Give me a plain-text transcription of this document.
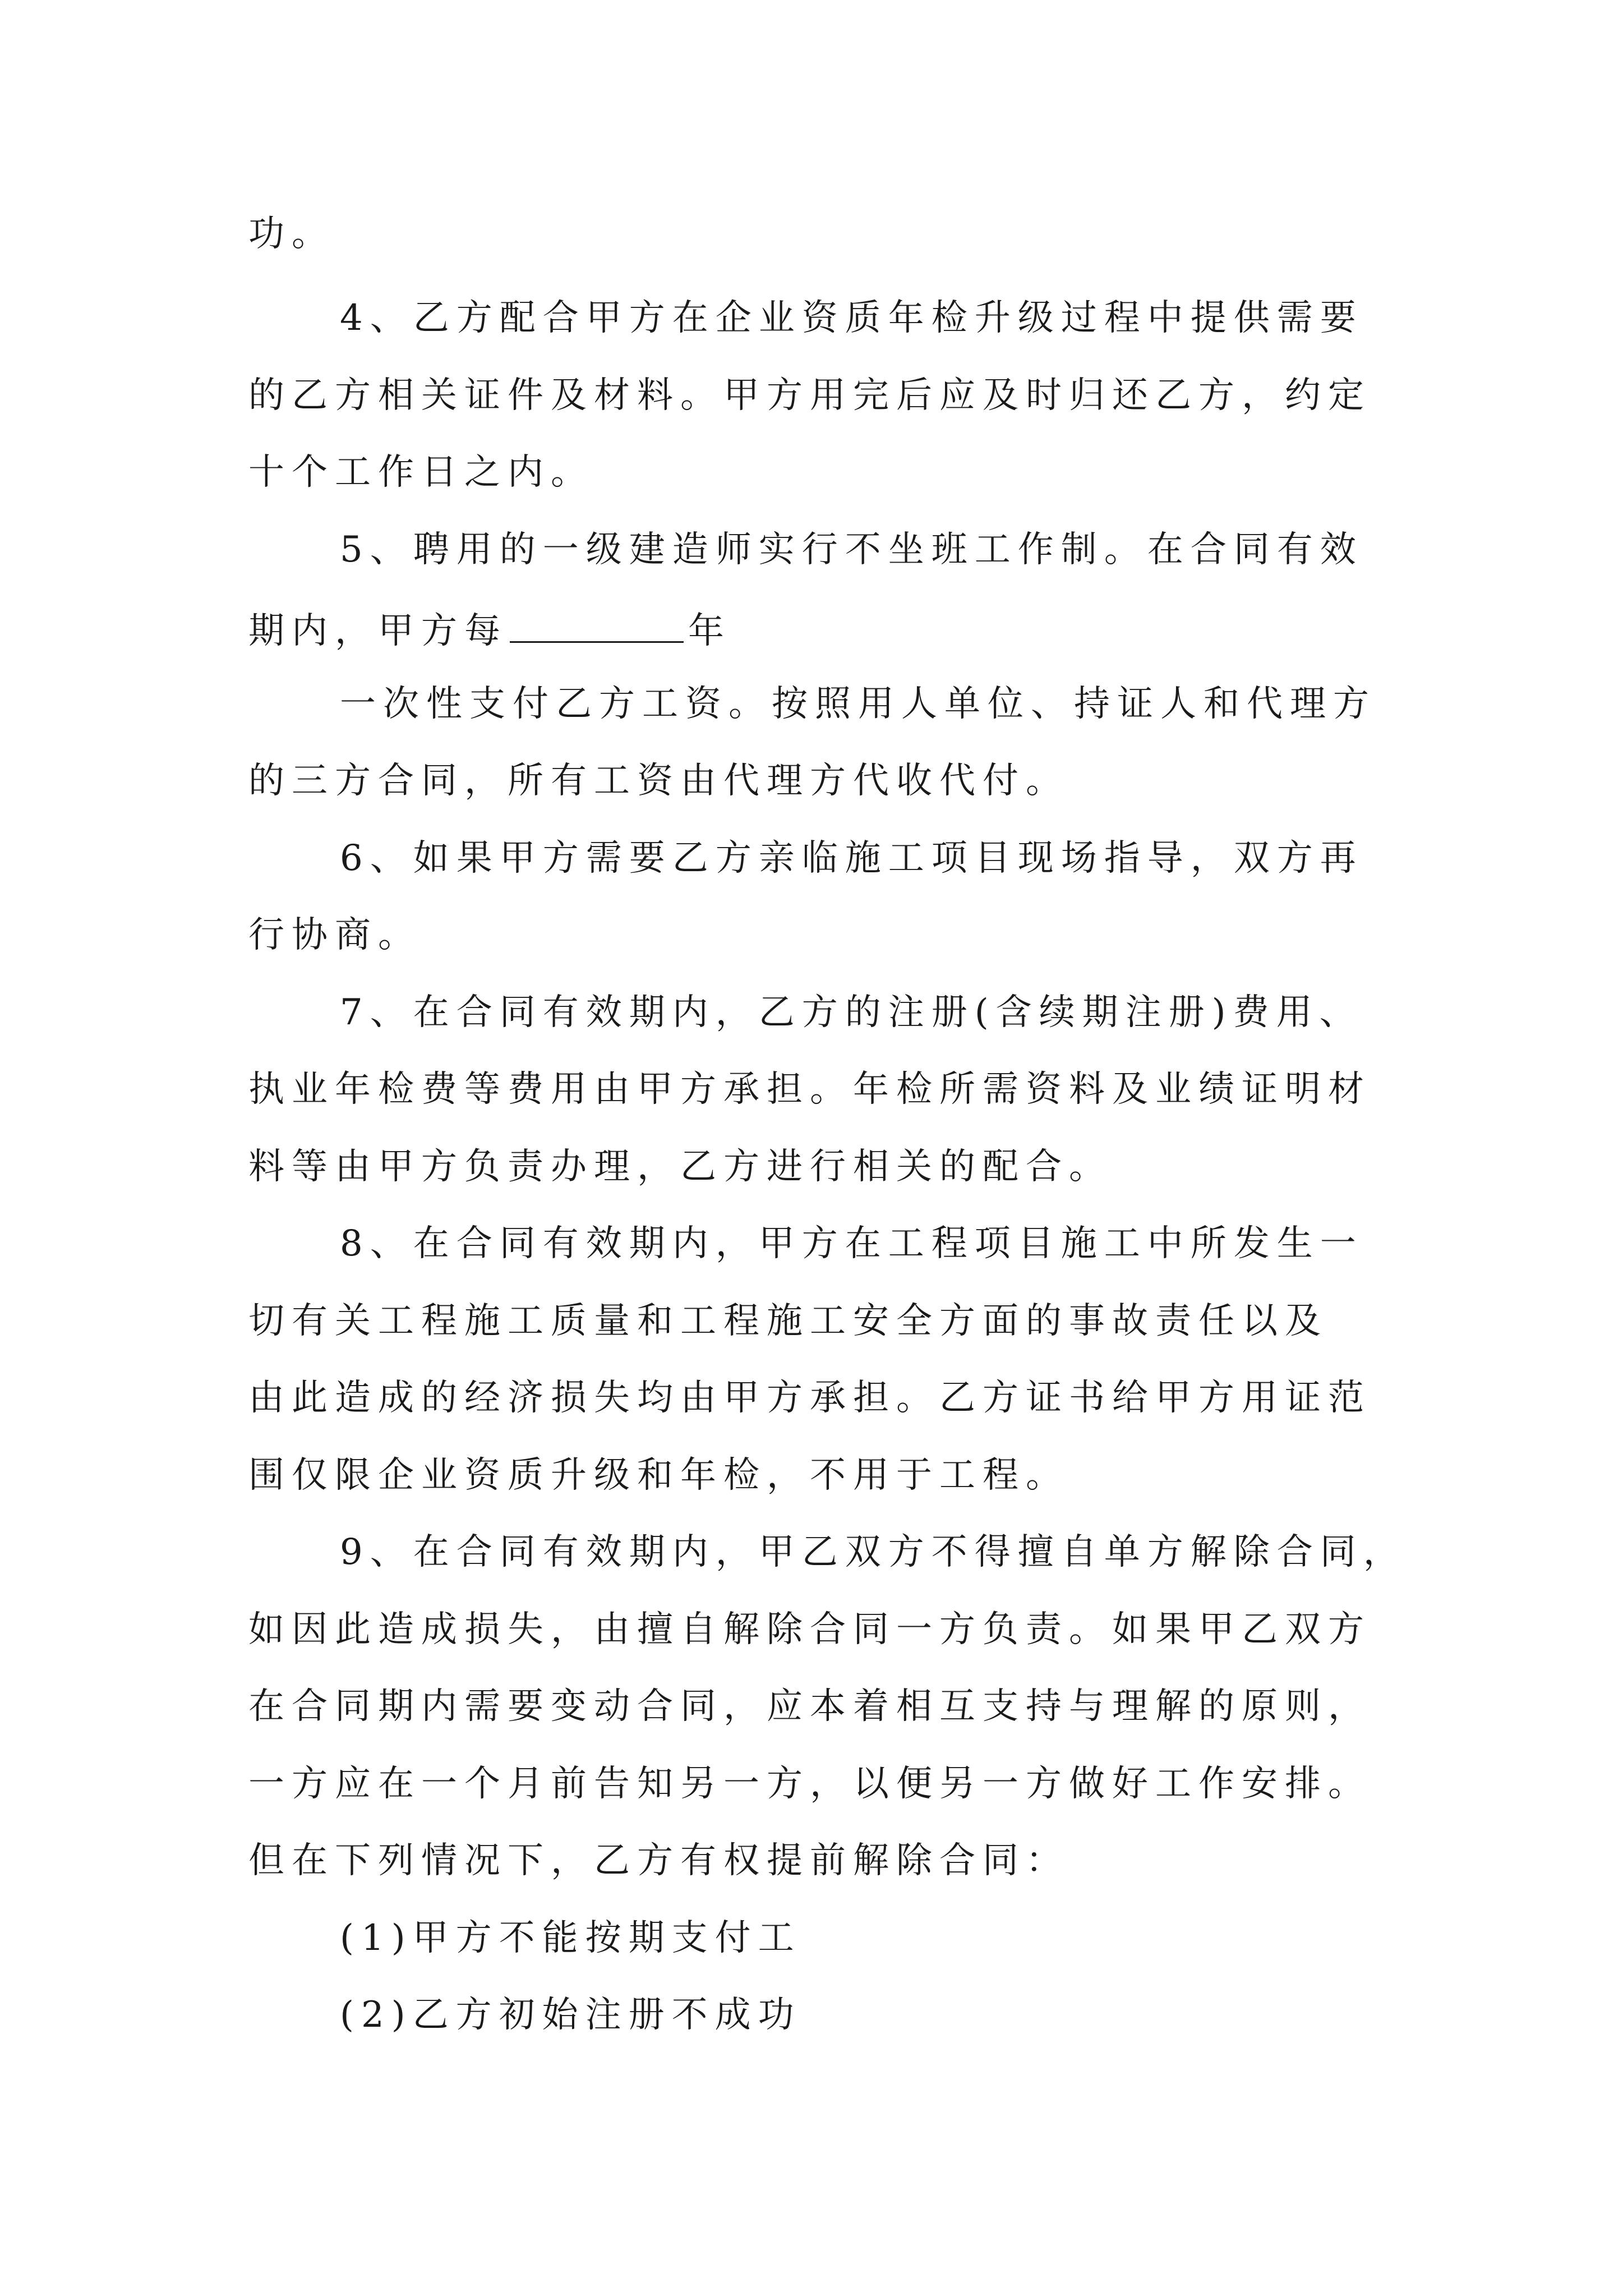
功。
4、乙方配合甲方在企业资质年检升级过程中提供需要
的乙方相关证件及材料。甲方用完后应及时归还乙方，约定
十个工作日之内。
5、聘用的一级建造师实行不坐班工作制。在合同有效
期内，甲方每	年
一次性支付乙方工资。按照用人单位、持证人和代理方
的三方合同，所有工资由代理方代收代付。
6、如果甲方需要乙方亲临施工项目现场指导，双方再
行协商。
7、在合同有效期内，乙方的注册(含续期注册)费用、
执业年检费等费用由甲方承担。年检所需资料及业绩证明材
料等由甲方负责办理，乙方进行相关的配合。
8、在合同有效期内，甲方在工程项目施工中所发生一
切有关工程施工质量和工程施工安全方面的事故责任以及
由此造成的经济损失均由甲方承担。乙方证书给甲方用证范
围仅限企业资质升级和年检，不用于工程。
9、在合同有效期内，甲乙双方不得擅自单方解除合同，
如因此造成损失，由擅自解除合同一方负责。如果甲乙双方
在合同期内需要变动合同，应本着相互支持与理解的原则，
一方应在一个月前告知另一方，以便另一方做好工作安排。
但在下列情况下，乙方有权提前解除合同：
(1)甲方不能按期支付工
(2)乙方初始注册不成功
